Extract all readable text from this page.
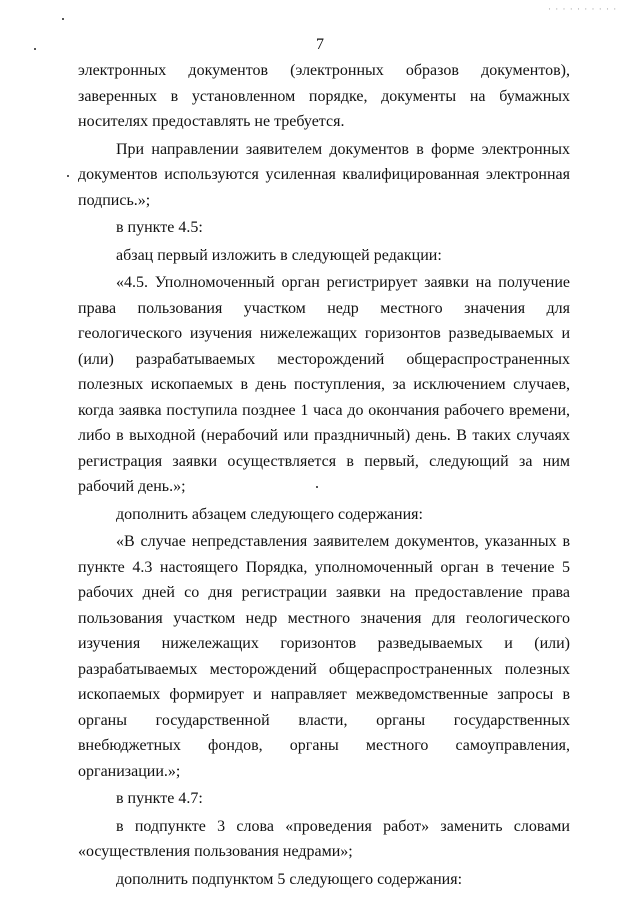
· · · · · · · · · ·
7

электронных документов (электронных образов документов), заверенных в установленном порядке, документы на бумажных носителях предоставлять не требуется.

При направлении заявителем документов в форме электронных документов используются усиленная квалифицированная электронная подпись.»;

в пункте 4.5:

абзац первый изложить в следующей редакции:

«4.5. Уполномоченный орган регистрирует заявки на получение права пользования участком недр местного значения для геологического изучения нижележащих горизонтов разведываемых и (или) разрабатываемых месторождений общераспространенных полезных ископаемых в день поступления, за исключением случаев, когда заявка поступила позднее 1 часа до окончания рабочего времени, либо в выходной (нерабочий или праздничный) день. В таких случаях регистрация заявки осуществляется в первый, следующий за ним рабочий день.»;

дополнить абзацем следующего содержания:

«В случае непредставления заявителем документов, указанных в пункте 4.3 настоящего Порядка, уполномоченный орган в течение 5 рабочих дней со дня регистрации заявки на предоставление права пользования участком недр местного значения для геологического изучения нижележащих горизонтов разведываемых и (или) разрабатываемых месторождений общераспространенных полезных ископаемых формирует и направляет межведомственные запросы в органы государственной власти, органы государственных внебюджетных фондов, органы местного самоуправления, организации.»;

в пункте 4.7:

в подпункте 3 слова «проведения работ» заменить словами «осуществления пользования недрами»;

дополнить подпунктом 5 следующего содержания:
